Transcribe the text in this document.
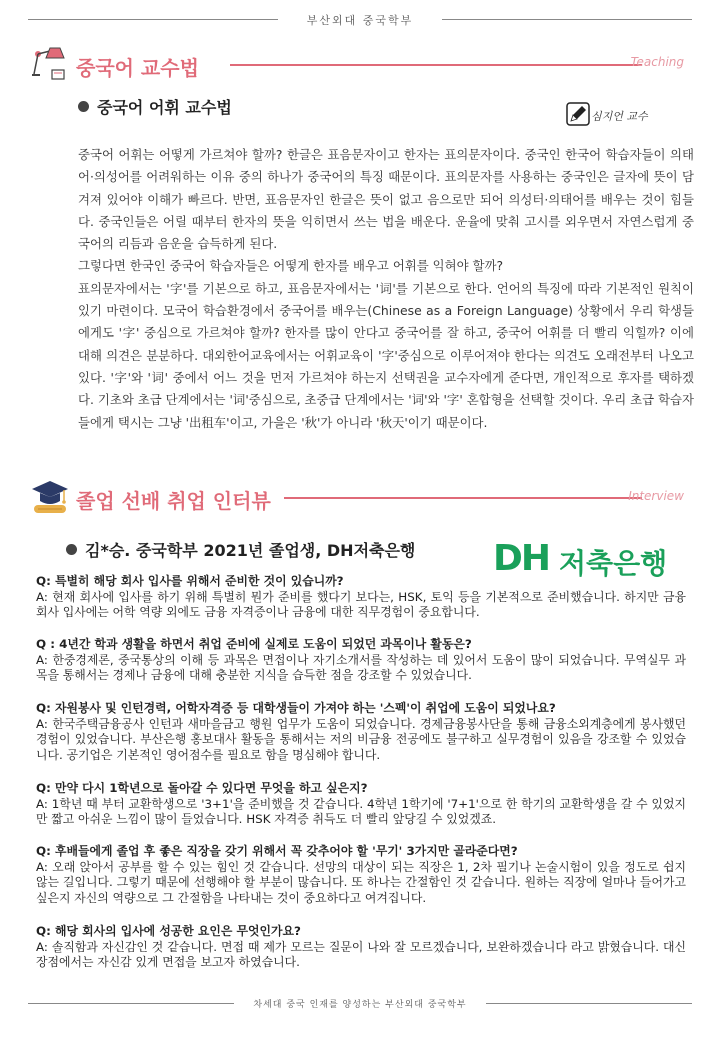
부산외대 중국학부
중국어 교수법	Teaching
중국어 어휘 교수법	심지언 교수

중국어 어휘는 어떻게 가르쳐야 할까? 한글은 표음문자이고 한자는 표의문자이다. 중국인 한국어 학습자들이 의태어·의성어를 어려워하는 이유 중의 하나가 중국어의 특징 때문이다. 표의문자를 사용하는 중국인은 글자에 뜻이 담겨져 있어야 이해가 빠르다. 반면, 표음문자인 한글은 뜻이 없고 음으로만 되어 의성터·의태어를 배우는 것이 힘들다. 중국인들은 어릴 때부터 한자의 뜻을 익히면서 쓰는 법을 배운다. 운율에 맞춰 고시를 외우면서 자연스럽게 중국어의 리듬과 음운을 습득하게 된다.

그렇다면 한국인 중국어 학습자들은 어떻게 한자를 배우고 어휘를 익혀야 할까?

표의문자에서는 '字'를 기본으로 하고, 표음문자에서는 '词'를 기본으로 한다. 언어의 특징에 따라 기본적인 원칙이 있기 마련이다. 모국어 학습환경에서 중국어를 배우는(Chinese as a Foreign Language) 상황에서 우리 학생들에게도 '字' 중심으로 가르쳐야 할까? 한자를 많이 안다고 중국어를 잘 하고, 중국어 어휘를 더 빨리 익힐까? 이에 대해 의견은 분분하다. 대외한어교육에서는 어휘교육이 '字'중심으로 이루어져야 한다는 의견도 오래전부터 나오고 있다. '字'와 '词' 중에서 어느 것을 먼저 가르쳐야 하는지 선택권을 교수자에게 준다면, 개인적으로 후자를 택하겠다. 기초와 초급 단계에서는 '词'중심으로, 초중급 단계에서는 '词'와 '字' 혼합형을 선택할 것이다. 우리 초급 학습자들에게 택시는 그냥 '出租车'이고, 가을은 '秋'가 아니라 '秋天'이기 때문이다.

졸업 선배 취업 인터뷰	Interview
김*승. 중국학부 2021년 졸업생, DH저축은행 DH 저축은행

Q: 특별히 해당 회사 입사를 위해서 준비한 것이 있습니까?

A: 현재 회사에 입사를 하기 위해 특별히 뭔가 준비를 했다기 보다는, HSK, 토익 등을 기본적으로 준비했습니다. 하지만 금융 회사 입사에는 어학 역량 외에도 금융 자격증이나 금융에 대한 직무경험이 중요합니다.

Q : 4년간 학과 생활을 하면서 취업 준비에 실제로 도움이 되었던 과목이나 활동은?

A: 한중경제론, 중국통상의 이해 등 과목은 면접이나 자기소개서를 작성하는 데 있어서 도움이 많이 되었습니다. 무역실무 과목을 통해서는 경제나 금융에 대해 충분한 지식을 습득한 점을 강조할 수 있었습니다.

Q: 자원봉사 및 인턴경력, 어학자격증 등 대학생들이 가져야 하는 '스펙'이 취업에 도움이 되었나요?

A: 한국주택금융공사 인턴과 새마을금고 행원 업무가 도움이 되었습니다. 경제금융봉사단을 통해 금융소외계층에게 봉사했던 경험이 있었습니다. 부산은행 홍보대사 활동을 통해서는 저의 비금융 전공에도 불구하고 실무경험이 있음을 강조할 수 있었습니다. 공기업은 기본적인 영어점수를 필요로 함을 명심해야 합니다.

Q: 만약 다시 1학년으로 돌아갈 수 있다면 무엇을 하고 싶은지?

A: 1학년 때 부터 교환학생으로 '3+1'을 준비했을 것 같습니다. 4학년 1학기에 '7+1'으로 한 학기의 교환학생을 갈 수 있었지만 짧고 아쉬운 느낌이 많이 들었습니다. HSK 자격증 취득도 더 빨리 앞당길 수 있었겠죠.

Q: 후배들에게 졸업 후 좋은 직장을 갖기 위해서 꼭 갖추어야 할 '무기' 3가지만 골라준다면?

A: 오래 앉아서 공부를 할 수 있는 힘인 것 같습니다. 선망의 대상이 되는 직장은 1, 2차 필기나 논술시험이 있을 정도로 쉽지 않는 길입니다. 그렇기 때문에 선행해야 할 부분이 많습니다. 또 하나는 간절함인 것 같습니다. 원하는 직장에 얼마나 들어가고 싶은지 자신의 역량으로 그 간절함을 나타내는 것이 중요하다고 여겨집니다.

Q: 해당 회사의 입사에 성공한 요인은 무엇인가요?

A: 솔직함과 자신감인 것 같습니다. 면접 때 제가 모르는 질문이 나와 잘 모르겠습니다, 보완하겠습니다 라고 밝혔습니다. 대신 장점에서는 자신감 있게 면접을 보고자 하였습니다.

차세대 중국 인재를 양성하는 부산외대 중국학부
